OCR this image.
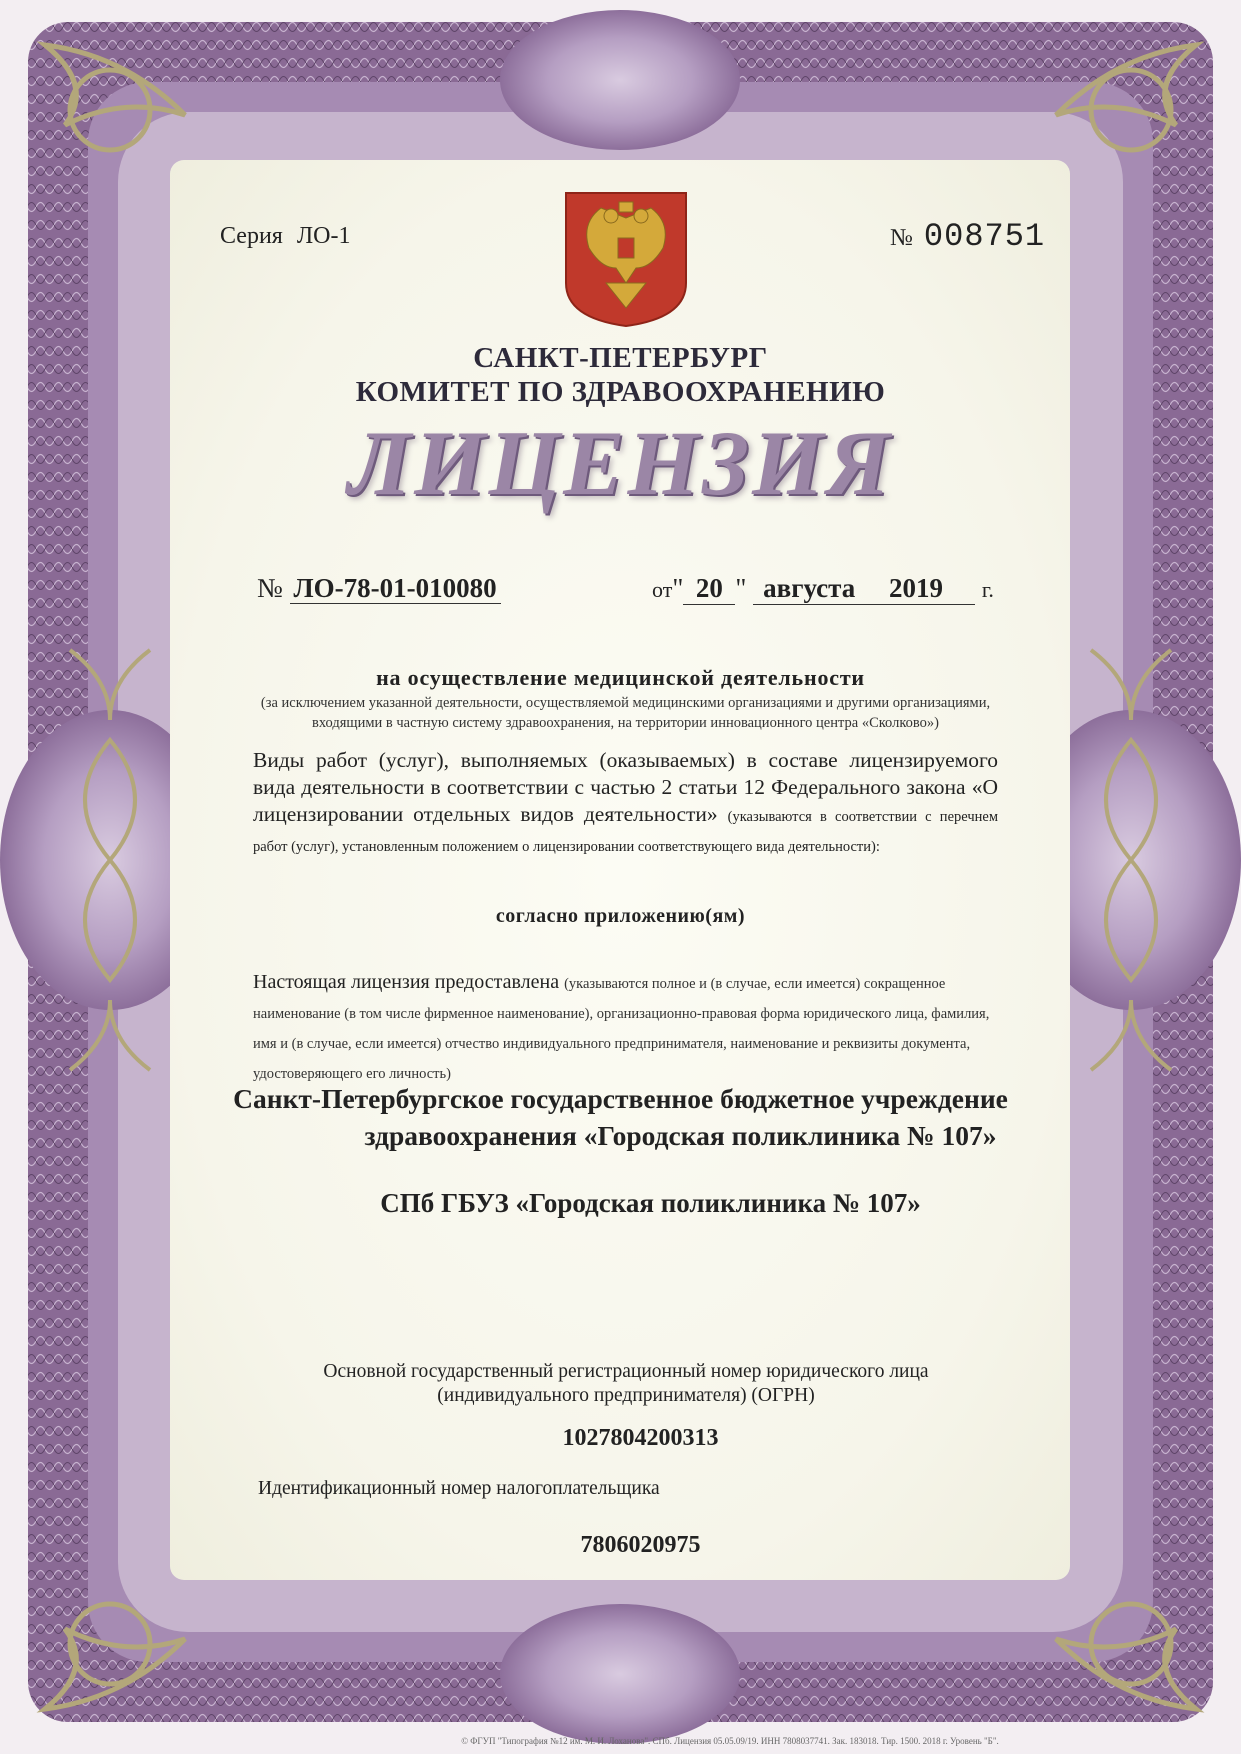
Серия ЛО-1	№ 008751
САНКТ-ПЕТЕРБУРГ
КОМИТЕТ ПО ЗДРАВООХРАНЕНИЮ
ЛИЦЕНЗИЯ
№ ЛО-78-01-010080	от" 20 " августа 2019 г.
на осуществление медицинской деятельности
(за исключением указанной деятельности, осуществляемой медицинскими организациями и другими организациями, входящими в частную систему здравоохранения, на территории инновационного центра «Сколково»)
Виды работ (услуг), выполняемых (оказываемых) в составе лицензируемого вида деятельности в соответствии с частью 2 статьи 12 Федерального закона «О лицензировании отдельных видов деятельности» (указываются в соответствии с перечнем работ (услуг), установленным положением о лицензировании соответствующего вида деятельности):
согласно приложению(ям)
Настоящая лицензия предоставлена (указываются полное и (в случае, если имеется) сокращенное наименование (в том числе фирменное наименование), организационно-правовая форма юридического лица, фамилия, имя и (в случае, если имеется) отчество индивидуального предпринимателя, наименование и реквизиты документа, удостоверяющего его личность)
Санкт-Петербургское государственное бюджетное учреждение
здравоохранения «Городская поликлиника № 107»
СПб ГБУЗ «Городская поликлиника № 107»
Основной государственный регистрационный номер юридического лица (индивидуального предпринимателя) (ОГРН)
1027804200313
Идентификационный номер налогоплательщика
7806020975
© ФГУП "Типография №12 им. М. И. Лоханова". СПб. Лицензия 05.05.09/19. ИНН 7808037741. Зак. 183018. Тир. 1500. 2018 г. Уровень "Б".
